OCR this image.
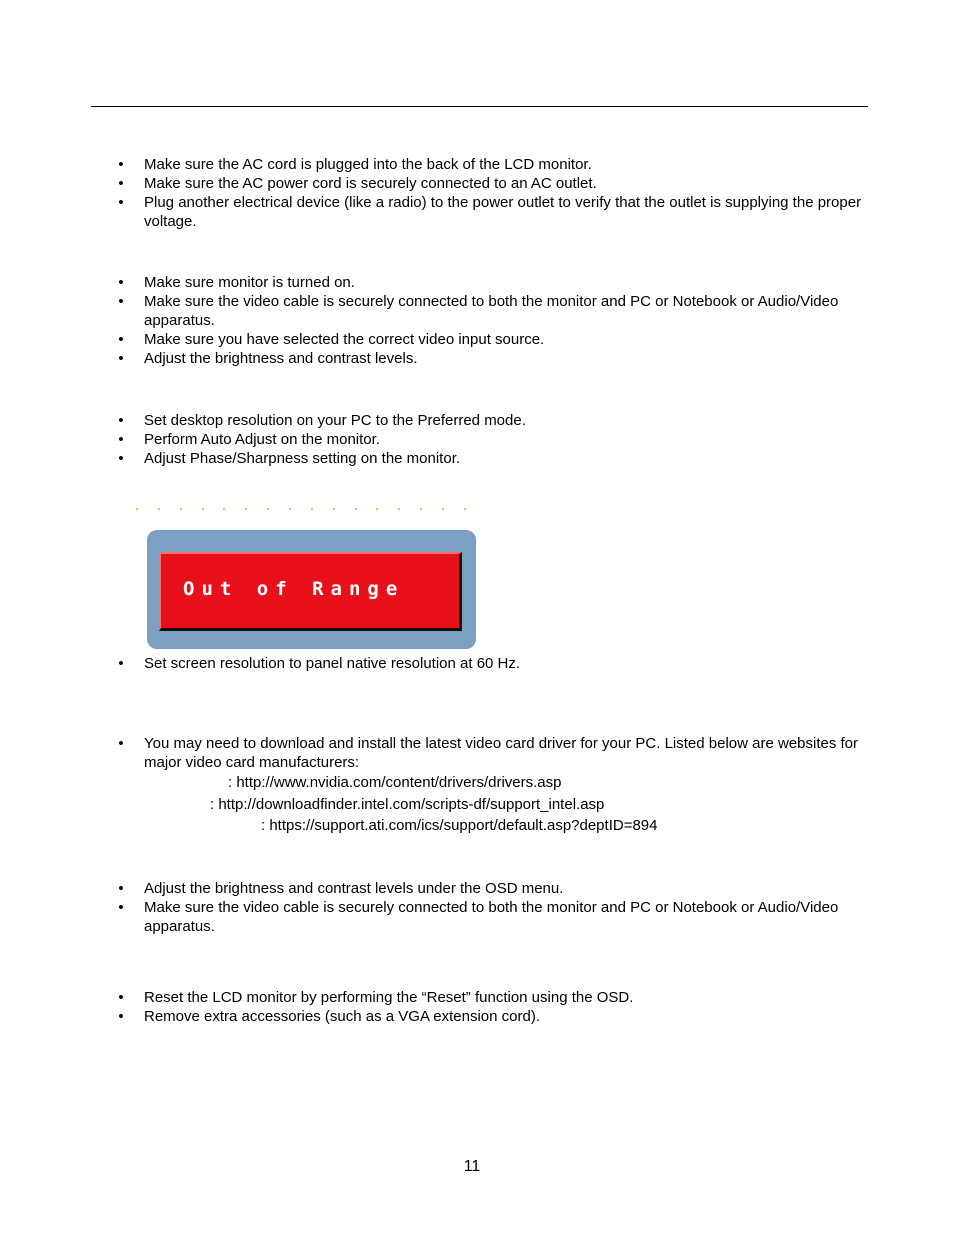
• Make sure the AC cord is plugged into the back of the LCD monitor.
• Make sure the AC power cord is securely connected to an AC outlet.
• Plug another electrical device (like a radio) to the power outlet to verify that the outlet is supplying the proper voltage.
• Make sure monitor is turned on.
• Make sure the video cable is securely connected to both the monitor and PC or Notebook or Audio/Video apparatus.
• Make sure you have selected the correct video input source.
• Adjust the brightness and contrast levels.
• Set desktop resolution on your PC to the Preferred mode.
• Perform Auto Adjust on the monitor.
• Adjust Phase/Sharpness setting on the monitor.
Out of Range
• Set screen resolution to panel native resolution at 60 Hz.
• You may need to download and install the latest video card driver for your PC. Listed below are websites for major video card manufacturers:
: http://www.nvidia.com/content/drivers/drivers.asp
: http://downloadfinder.intel.com/scripts-df/support_intel.asp
: https://support.ati.com/ics/support/default.asp?deptID=894
• Adjust the brightness and contrast levels under the OSD menu.
• Make sure the video cable is securely connected to both the monitor and PC or Notebook or Audio/Video apparatus.
• Reset the LCD monitor by performing the “Reset” function using the OSD.
• Remove extra accessories (such as a VGA extension cord).
11
